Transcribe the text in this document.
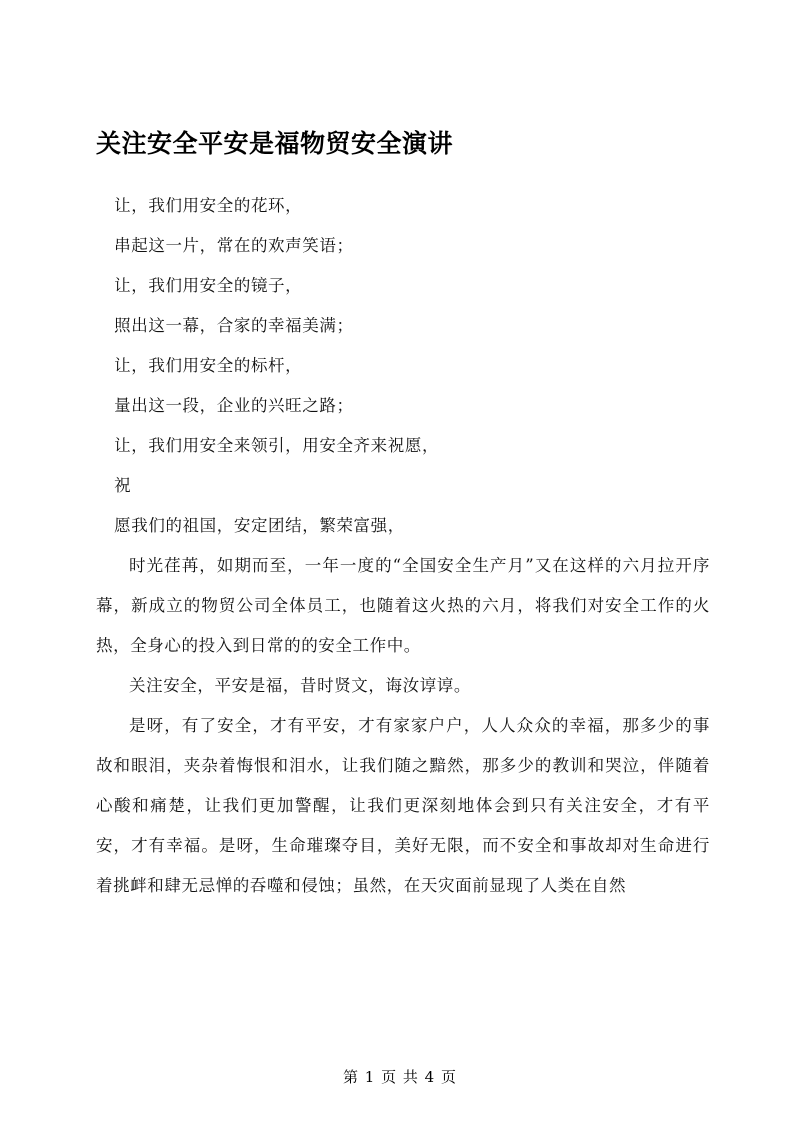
关注安全平安是福物贸安全演讲

让，我们用安全的花环，

串起这一片，常在的欢声笑语；

让，我们用安全的镜子，

照出这一幕，合家的幸福美满；

让，我们用安全的标杆，

量出这一段，企业的兴旺之路；

让，我们用安全来领引，用安全齐来祝愿，

祝

愿我们的祖国，安定团结，繁荣富强，

时光荏苒，如期而至，一年一度的“全国安全生产月”又在这样的六月拉开序幕，新成立的物贸公司全体员工，也随着这火热的六月，将我们对安全工作的火热，全身心的投入到日常的的安全工作中。

关注安全，平安是福，昔时贤文，诲汝谆谆。

是呀，有了安全，才有平安，才有家家户户，人人众众的幸福，那多少的事故和眼泪，夹杂着悔恨和泪水，让我们随之黯然，那多少的教训和哭泣，伴随着心酸和痛楚，让我们更加警醒，让我们更深刻地体会到只有关注安全，才有平安，才有幸福。是呀，生命璀璨夺目，美好无限，而不安全和事故却对生命进行着挑衅和肆无忌惮的吞噬和侵蚀；虽然，在天灾面前显现了人类在自然

第 1 页 共 4 页
